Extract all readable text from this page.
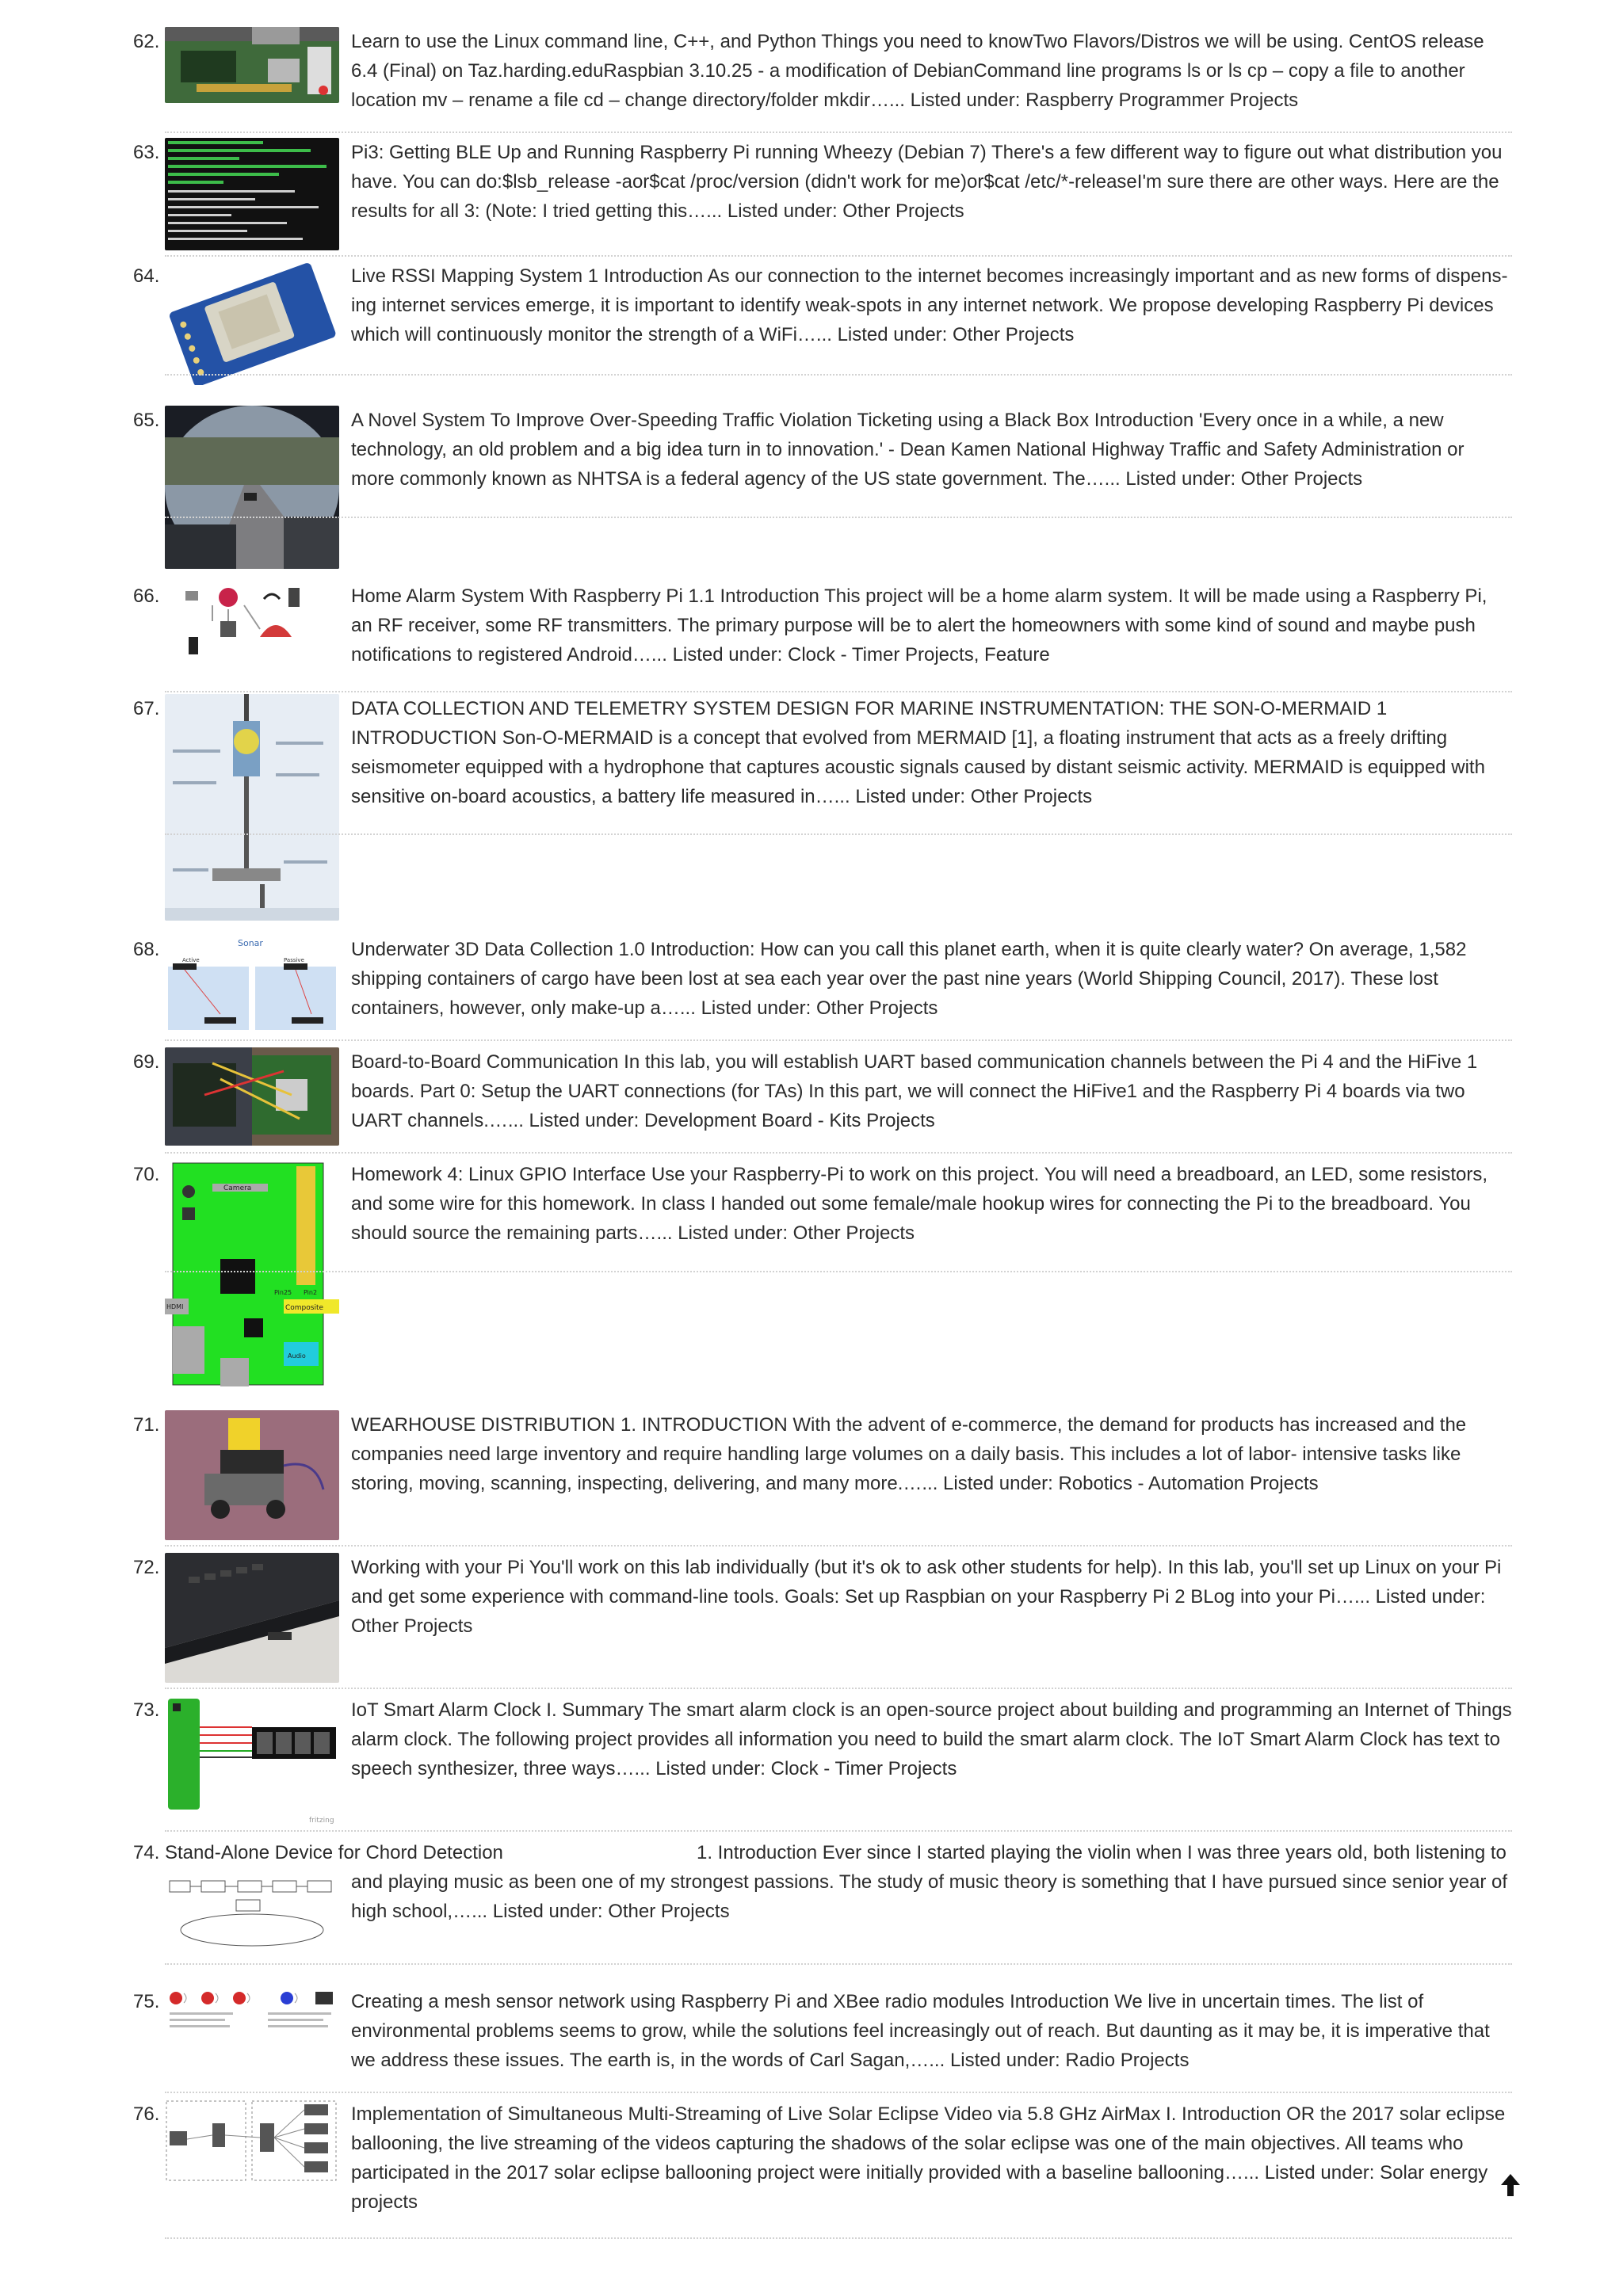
62.	Learn to use the Linux command line, C++, and Python Things you need to knowTwo Flavors/Distros we will be using. CentOS release 6.4 (Final) on Taz.harding.eduRaspbian 3.10.25 - a modification of DebianCommand line programs ls or ls cp – copy a file to another location mv – rename a file cd – change directory/folder mkdir…... Listed under: Raspberry Programmer Projects
63.	Pi3: Getting BLE Up and Running Raspberry Pi running Wheezy (Debian 7) There's a few different way to figure out what distribution you have. You can do:$lsb_release -aor$cat /proc/version (didn't work for me)or$cat /etc/*-releaseI'm sure there are other ways. Here are the results for all 3: (Note: I tried getting this…... Listed under: Other Projects
64.	Live RSSI Mapping System 1 Introduction As our connection to the internet becomes increasingly important and as new forms of dispens- ing internet services emerge, it is important to identify weak-spots in any internet network. We propose developing Raspberry Pi devices which will continuously monitor the strength of a WiFi…... Listed under: Other Projects
65.	A Novel System To Improve Over-Speeding Traffic Violation Ticketing using a Black Box Introduction 'Every once in a while, a new technology, an old problem and a big idea turn in to innovation.' - Dean Kamen National Highway Traffic and Safety Administration or more commonly known as NHTSA is a federal agency of the US state government. The…... Listed under: Other Projects
66.
IP
Home Alarm System With Raspberry Pi 1.1 Introduction This project will be a home alarm system. It will be made using a Raspberry Pi, an RF receiver, some RF transmitters. The primary purpose will be to alert the homeowners with some kind of sound and maybe push notifications to registered Android…... Listed under: Clock - Timer Projects, Feature
67.	DATA COLLECTION AND TELEMETRY SYSTEM DESIGN FOR MARINE INSTRUMENTATION: THE SON-O-MERMAID 1 INTRODUCTION Son-O-MERMAID is a concept that evolved from MERMAID [1], a floating instrument that acts as a freely drifting seismometer equipped with a hydrophone that captures acoustic signals caused by distant seismic activity. MERMAID is equipped with sensitive on-board acoustics, a battery life measured in…... Listed under: Other Projects
68.	Sonar
Active	Passive Underwater 3D Data Collection 1.0 Introduction: How can you call this planet earth, when it is quite clearly water? On average, 1,582 shipping containers of cargo have been lost at sea each year over the past nine years (World Shipping Council, 2017). These lost containers, however, only make-up a…... Listed under: Other Projects
69.	Board-to-Board Communication In this lab, you will establish UART based communication channels between the Pi 4 and the HiFive 1 boards. Part 0: Setup the UART connections (for TAs) In this part, we will connect the HiFive1 and the Raspberry Pi 4 boards via two UART channels.…... Listed under: Development Board - Kits Projects
70.
Camera
HDMI
Pin25 Pin2
Composite
Audio
Homework 4: Linux GPIO Interface Use your Raspberry-Pi to work on this project. You will need a breadboard, an LED, some resistors, and some wire for this homework. In class I handed out some female/male hookup wires for connecting the Pi to the breadboard. You should source the remaining parts…... Listed under: Other Projects
71.	WEARHOUSE DISTRIBUTION 1. INTRODUCTION With the advent of e-commerce, the demand for products has increased and the companies need large inventory and require handling large volumes on a daily basis. This includes a lot of labor- intensive tasks like storing, moving, scanning, inspecting, delivering, and many more.…... Listed under: Robotics - Automation Projects
72.	Working with your Pi You'll work on this lab individually (but it's ok to ask other students for help). In this lab, you'll set up Linux on your Pi and get some experience with command-line tools. Goals: Set up Raspbian on your Raspberry Pi 2 BLog into your Pi…... Listed under: Other Projects
73.
fritzing
IoT Smart Alarm Clock I. Summary The smart alarm clock is an open-source project about building and programming an Internet of Things alarm clock. The following project provides all information you need to build the smart alarm clock. The IoT Smart Alarm Clock has text to speech synthesizer, three ways…... Listed under: Clock - Timer Projects
74. Stand-Alone Device for Chord Detection	1. Introduction Ever since I started playing the violin when I was three years old, both listening to and playing music as been one of my strongest passions. The study of music theory is something that I have pursued since senior year of high school,…... Listed under: Other Projects
75.	Creating a mesh sensor network using Raspberry Pi and XBee radio modules Introduction We live in uncertain times. The list of environmental problems seems to grow, while the solutions feel increasingly out of reach. But daunting as it may be, it is imperative that we address these issues. The earth is, in the words of Carl Sagan,…... Listed under: Radio Projects
76.	Implementation of Simultaneous Multi-Streaming of Live Solar Eclipse Video via 5.8 GHz AirMax I. Introduction OR the 2017 solar eclipse ballooning, the live streaming of the videos capturing the shadows of the solar eclipse was one of the main objectives. All teams who participated in the 2017 solar eclipse ballooning project were initially provided with a baseline ballooning…... Listed under: Solar energy projects
